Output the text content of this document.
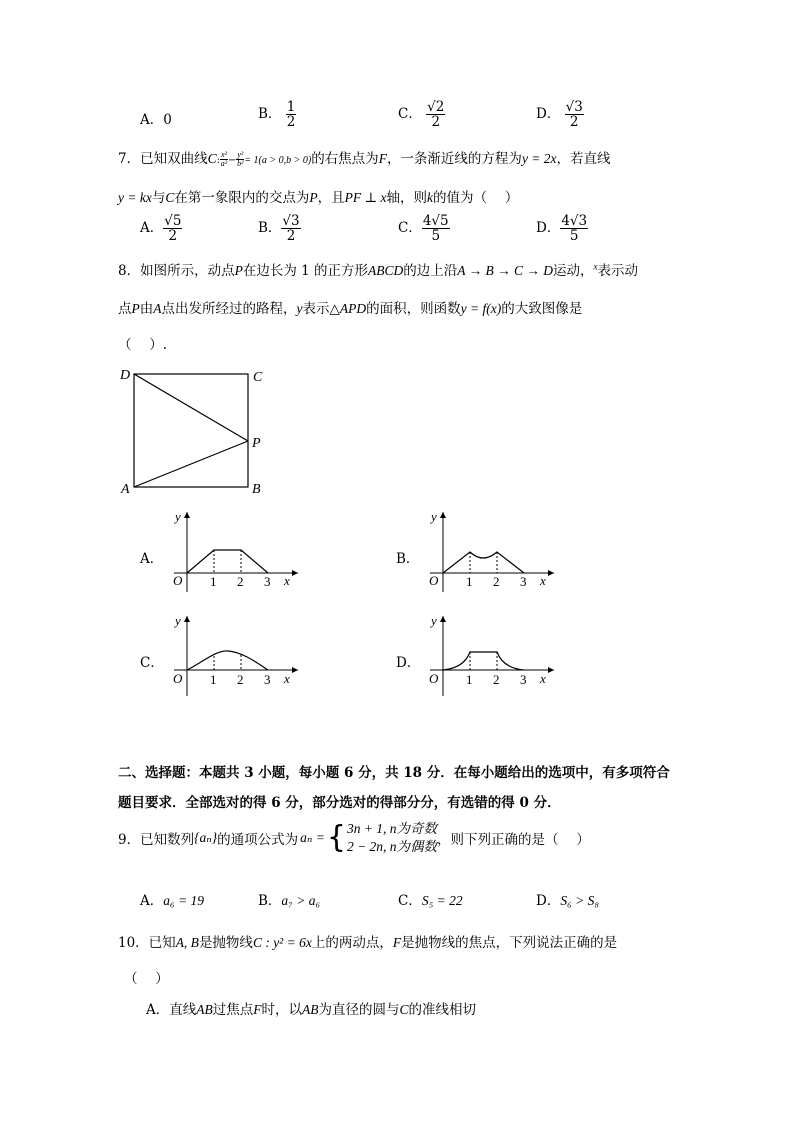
A．0	B． $\frac{1}{2}$	C． $\frac{√2}{2}$	D． $\frac{√3}{2}$
7．已知双曲线C: $\frac{\text{x²}}{\text{a²}} - \frac{\text{y²}}{\text{b²}} = 1(a > 0,b > 0)$的右焦点为F，一条渐近线的方程为y = 2x，若直线
y = kx与C在第一象限内的交点为P，且PF ⊥ x轴，则k的值为（　 ）
A． $\frac{√5}{2}$	B． $\frac{√3}{2}$	C． $\frac{4√5}{5}$	D． $\frac{4√3}{5}$
8．如图所示，动点P在边长为 1 的正方形ABCD的边上沿A → B → C → D运动，$^x$表示动
点P由A点出发所经过的路程，y表示△APD的面积，则函数y = f(x)的大致图像是
（　 ）.
D	C
P
A	B
A．
y
x
O 1 2 3
B．
y
x
O 1 2 3
C．
y
x
O 1 2 3
D．
y
x
O 1 2 3
二、选择题：本题共 3 小题，每小题 6 分，共 18 分．在每小题给出的选项中，有多项符合
题目要求．全部选对的得 6 分，部分选对的得部分分，有选错的得 0 分．
9．已知数列 {aₙ} 的通项公式为 aₙ = { 3n + 1, n为奇数
2 − 2n, n为偶数 ，则下列正确的是（　 ）
A．a₆ = 19	B．a₇ > a₆	C．S₅ = 22	D．S₆ > S₈
10．已知A, B是抛物线C : y² = 6x上的两动点，F是抛物线的焦点，下列说法正确的是
（　 ）
A．直线AB过焦点F时，以AB为直径的圆与C的准线相切
